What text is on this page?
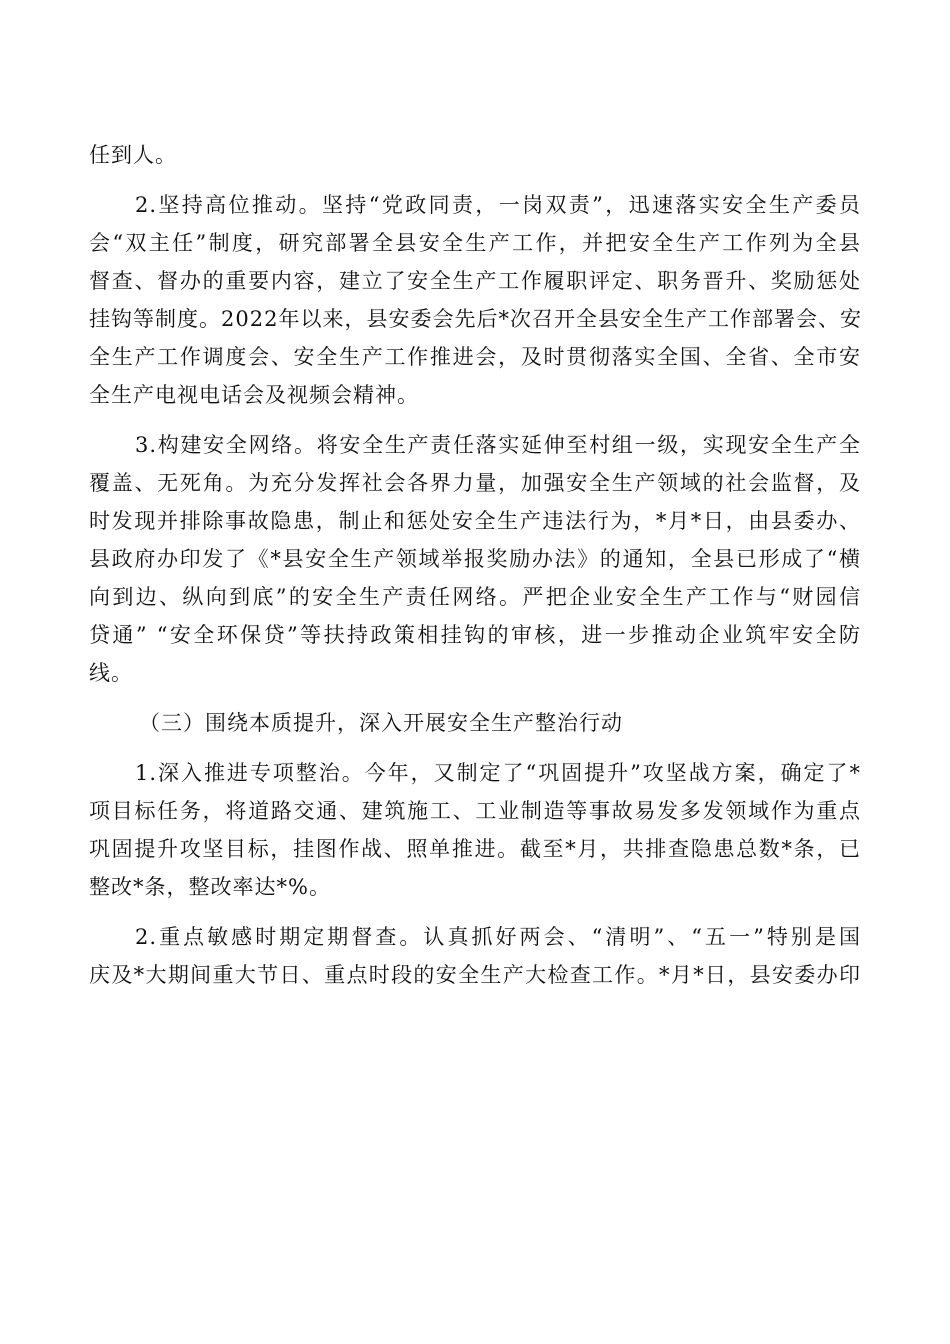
任到人。
2.坚持高位推动。坚持“党政同责，一岗双责”，迅速落实安全生产委员
会“双主任”制度，研究部署全县安全生产工作，并把安全生产工作列为全县
督查、督办的重要内容，建立了安全生产工作履职评定、职务晋升、奖励惩处
挂钩等制度。2022年以来，县安委会先后*次召开全县安全生产工作部署会、安
全生产工作调度会、安全生产工作推进会，及时贯彻落实全国、全省、全市安
全生产电视电话会及视频会精神。
3.构建安全网络。将安全生产责任落实延伸至村组一级，实现安全生产全
覆盖、无死角。为充分发挥社会各界力量，加强安全生产领域的社会监督，及
时发现并排除事故隐患，制止和惩处安全生产违法行为，*月*日，由县委办、
县政府办印发了《*县安全生产领域举报奖励办法》的通知，全县已形成了“横
向到边、纵向到底”的安全生产责任网络。严把企业安全生产工作与“财园信
贷通” “安全环保贷”等扶持政策相挂钩的审核，进一步推动企业筑牢安全防
线。
（三）围绕本质提升，深入开展安全生产整治行动
1.深入推进专项整治。今年，又制定了“巩固提升”攻坚战方案，确定了*
项目标任务，将道路交通、建筑施工、工业制造等事故易发多发领域作为重点
巩固提升攻坚目标，挂图作战、照单推进。截至*月，共排查隐患总数*条，已
整改*条，整改率达*%。
2.重点敏感时期定期督查。认真抓好两会、“清明”、“五一”特别是国
庆及*大期间重大节日、重点时段的安全生产大检查工作。*月*日，县安委办印
